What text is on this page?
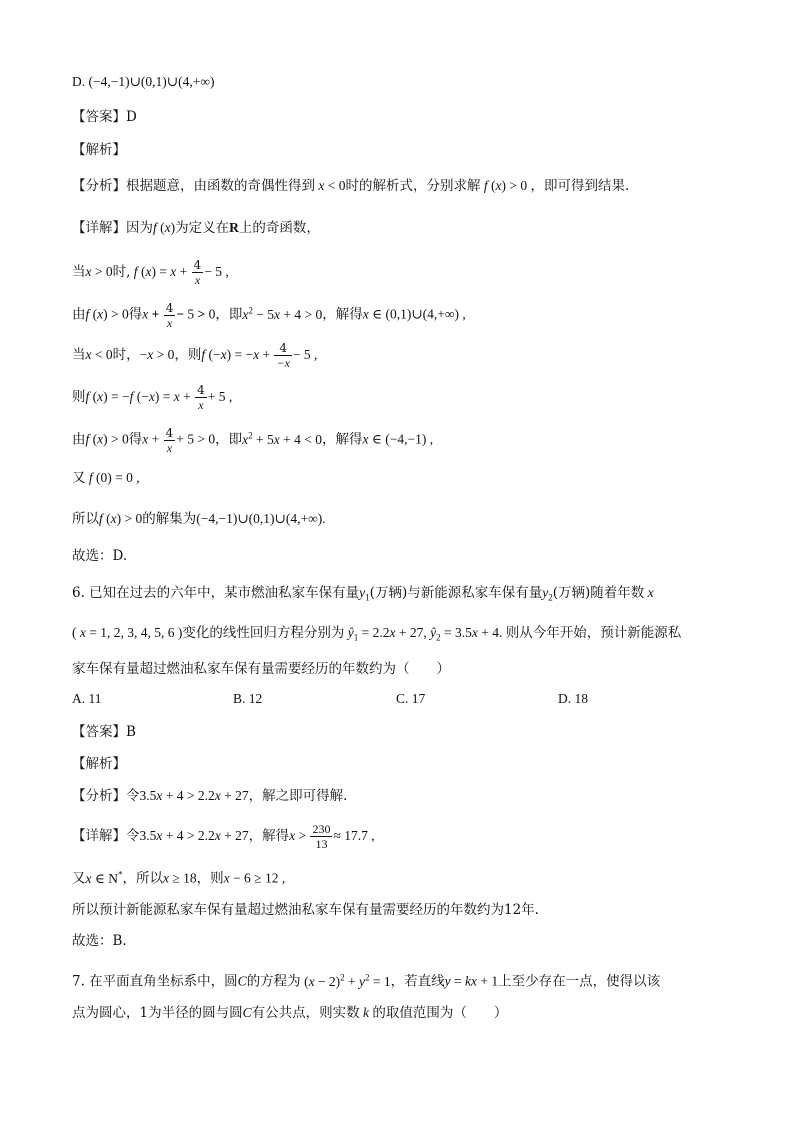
D. (−4,−1)∪(0,1)∪(4,+∞)
【答案】D
【解析】
【分析】根据题意，由函数的奇偶性得到 x < 0时的解析式，分别求解 f (x) > 0 ，即可得到结果.
【详解】因为f (x)为定义在R上的奇函数，
当x > 0时, f $(x) = x + \frac{4}{x} - 5$ ,
由f (x) > 0得$x + \frac{4}{x} - 5 > 0$，即$x^2 - 5x + 4 > 0$，解得x ∈ (0,1)∪(4,+∞) ,
当x < 0时，−x > 0，则f $(-x) = -x + \frac{4}{-x} - 5$ ,
则f (x) = −f $(-x) = x + \frac{4}{x} + 5$ ,
由f (x) > 0得$x + \frac{4}{x} + 5 > 0$，即$x^2 + 5x + 4 < 0$，解得x ∈ (−4,−1) ,
又 f (0) = 0 ,
所以f (x) > 0的解集为(−4,−1)∪(0,1)∪(4,+∞).
故选：D.
6. 已知在过去的六年中，某市燃油私家车保有量$y_1$(万辆)与新能源私家车保有量$y_2$(万辆)随着年数 x
( x = 1, 2, 3, 4, 5, 6 )变化的线性回归方程分别为 $ŷ_1 = 2.2x + 27$, $ŷ_2 = 3.5x + 4$. 则从今年开始，预计新能源私
家车保有量超过燃油私家车保有量需要经历的年数约为（　　）
A. 11	B. 12	C. 17	D. 18
【答案】B
【解析】
【分析】令3.5x + 4 > 2.2x + 27，解之即可得解.
【详解】令3.5x + 4 > 2.2x + 27，解得$x > \frac{230}{13} \approx 17.7$ ,
又x ∈ N*，所以x ≥ 18，则x − 6 ≥ 12 ,
所以预计新能源私家车保有量超过燃油私家车保有量需要经历的年数约为12年.
故选：B.
7. 在平面直角坐标系中，圆C的方程为 $(x - 2)^2 + y^2 = 1$，若直线y = kx + 1上至少存在一点，使得以该
点为圆心，1为半径的圆与圆C有公共点，则实数 k 的取值范围为（　　）
